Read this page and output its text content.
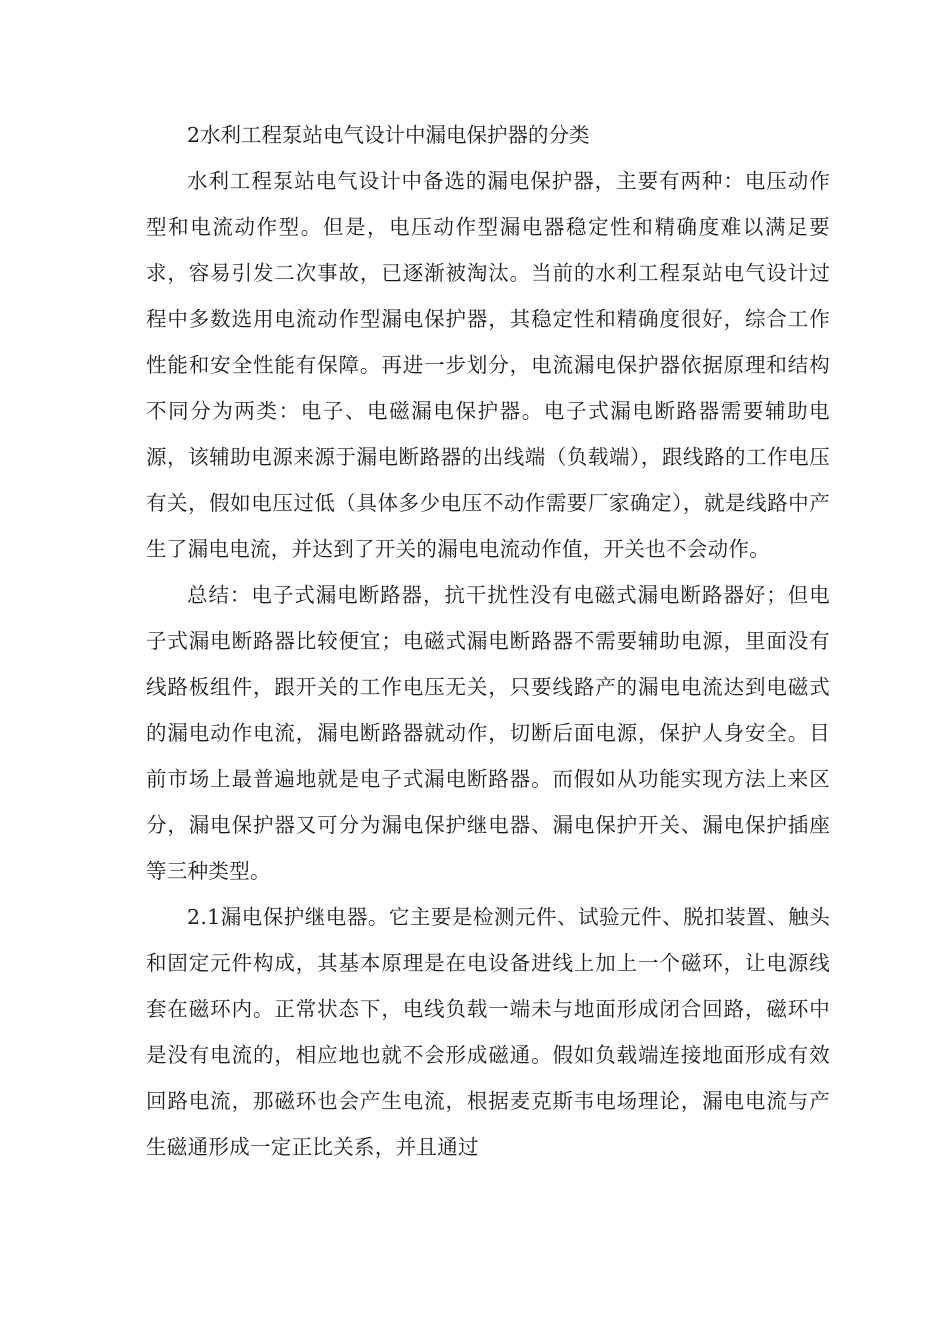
2水利工程泵站电气设计中漏电保护器的分类

水利工程泵站电气设计中备选的漏电保护器，主要有两种：电压动作型和电流动作型。但是，电压动作型漏电器稳定性和精确度难以满足要求，容易引发二次事故，已逐渐被淘汰。当前的水利工程泵站电气设计过程中多数选用电流动作型漏电保护器，其稳定性和精确度很好，综合工作性能和安全性能有保障。再进一步划分，电流漏电保护器依据原理和结构不同分为两类：电子、电磁漏电保护器。电子式漏电断路器需要辅助电源，该辅助电源来源于漏电断路器的出线端（负载端），跟线路的工作电压有关，假如电压过低（具体多少电压不动作需要厂家确定），就是线路中产生了漏电电流，并达到了开关的漏电电流动作值，开关也不会动作。

总结：电子式漏电断路器，抗干扰性没有电磁式漏电断路器好；但电子式漏电断路器比较便宜；电磁式漏电断路器不需要辅助电源，里面没有线路板组件，跟开关的工作电压无关，只要线路产的漏电电流达到电磁式的漏电动作电流，漏电断路器就动作，切断后面电源，保护人身安全。目前市场上最普遍地就是电子式漏电断路器。而假如从功能实现方法上来区分，漏电保护器又可分为漏电保护继电器、漏电保护开关、漏电保护插座等三种类型。

2.1漏电保护继电器。它主要是检测元件、试验元件、脱扣装置、触头和固定元件构成，其基本原理是在电设备进线上加上一个磁环，让电源线套在磁环内。正常状态下，电线负载一端未与地面形成闭合回路，磁环中是没有电流的，相应地也就不会形成磁通。假如负载端连接地面形成有效回路电流，那磁环也会产生电流，根据麦克斯韦电场理论，漏电电流与产生磁通形成一定正比关系，并且通过
